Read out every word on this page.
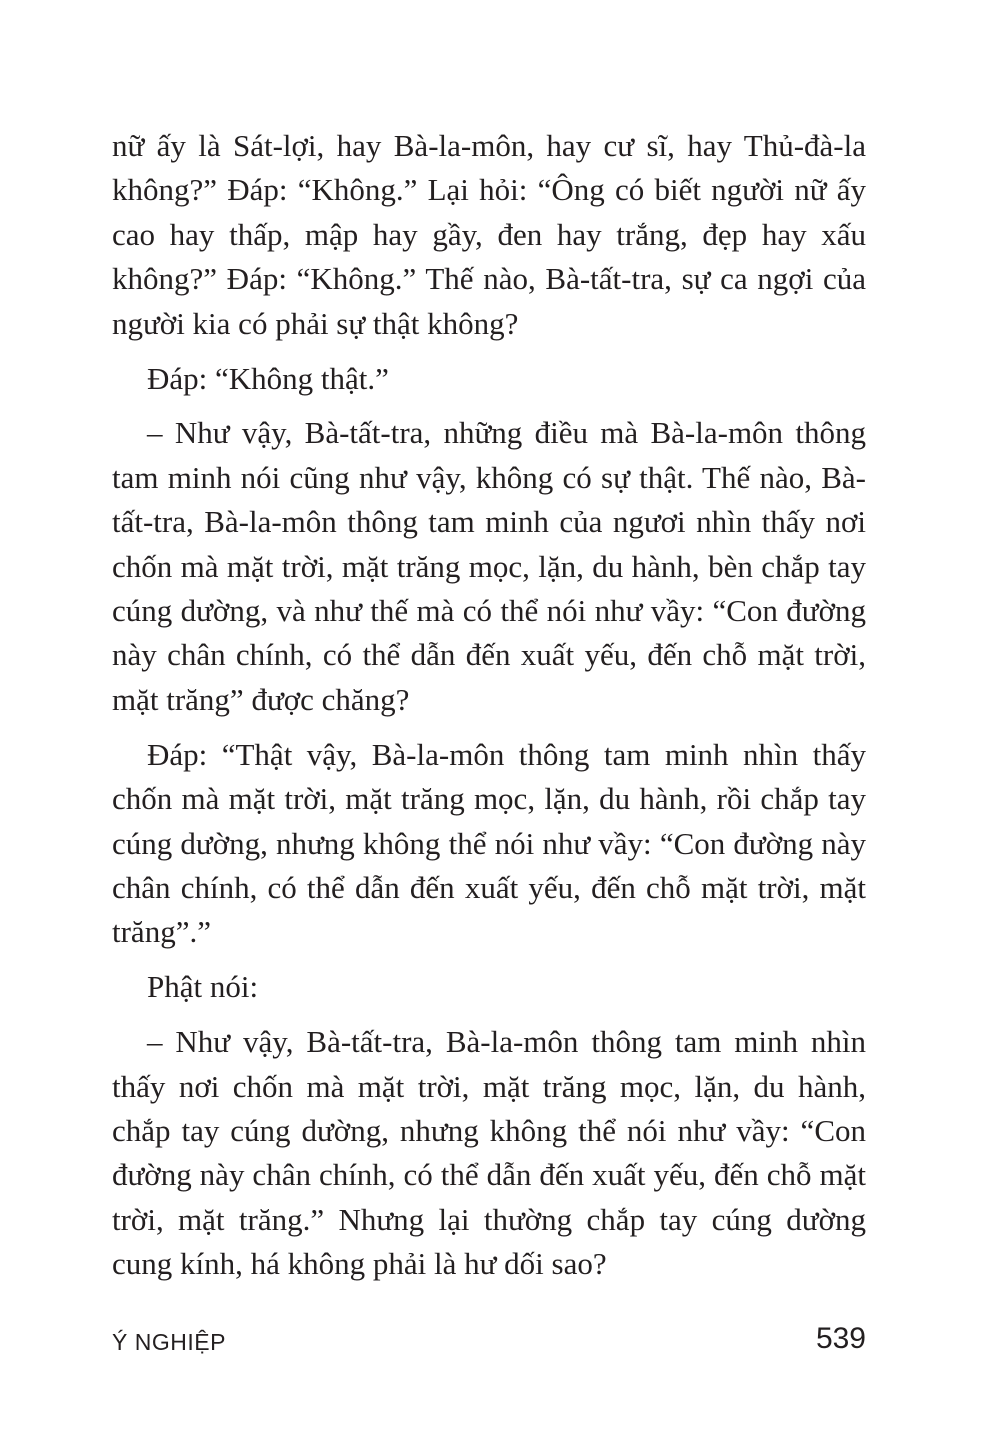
nữ ấy là Sát-lợi, hay Bà-la-môn, hay cư sĩ, hay Thủ-đà-la không?” Đáp: “Không.” Lại hỏi: “Ông có biết người nữ ấy cao hay thấp, mập hay gầy, đen hay trắng, đẹp hay xấu không?” Đáp: “Không.” Thế nào, Bà-tất-tra, sự ca ngợi của người kia có phải sự thật không?

Đáp: “Không thật.”

– Như vậy, Bà-tất-tra, những điều mà Bà-la-môn thông tam minh nói cũng như vậy, không có sự thật. Thế nào, Bà-tất-tra, Bà-la-môn thông tam minh của ngươi nhìn thấy nơi chốn mà mặt trời, mặt trăng mọc, lặn, du hành, bèn chắp tay cúng dường, và như thế mà có thể nói như vầy: “Con đường này chân chính, có thể dẫn đến xuất yếu, đến chỗ mặt trời, mặt trăng” được chăng?

Đáp: “Thật vậy, Bà-la-môn thông tam minh nhìn thấy chốn mà mặt trời, mặt trăng mọc, lặn, du hành, rồi chắp tay cúng dường, nhưng không thể nói như vầy: “Con đường này chân chính, có thể dẫn đến xuất yếu, đến chỗ mặt trời, mặt trăng”.”

Phật nói:

– Như vậy, Bà-tất-tra, Bà-la-môn thông tam minh nhìn thấy nơi chốn mà mặt trời, mặt trăng mọc, lặn, du hành, chắp tay cúng dường, nhưng không thể nói như vầy: “Con đường này chân chính, có thể dẫn đến xuất yếu, đến chỗ mặt trời, mặt trăng.” Nhưng lại thường chắp tay cúng dường cung kính, há không phải là hư dối sao?

Ý NGHIỆP	539
